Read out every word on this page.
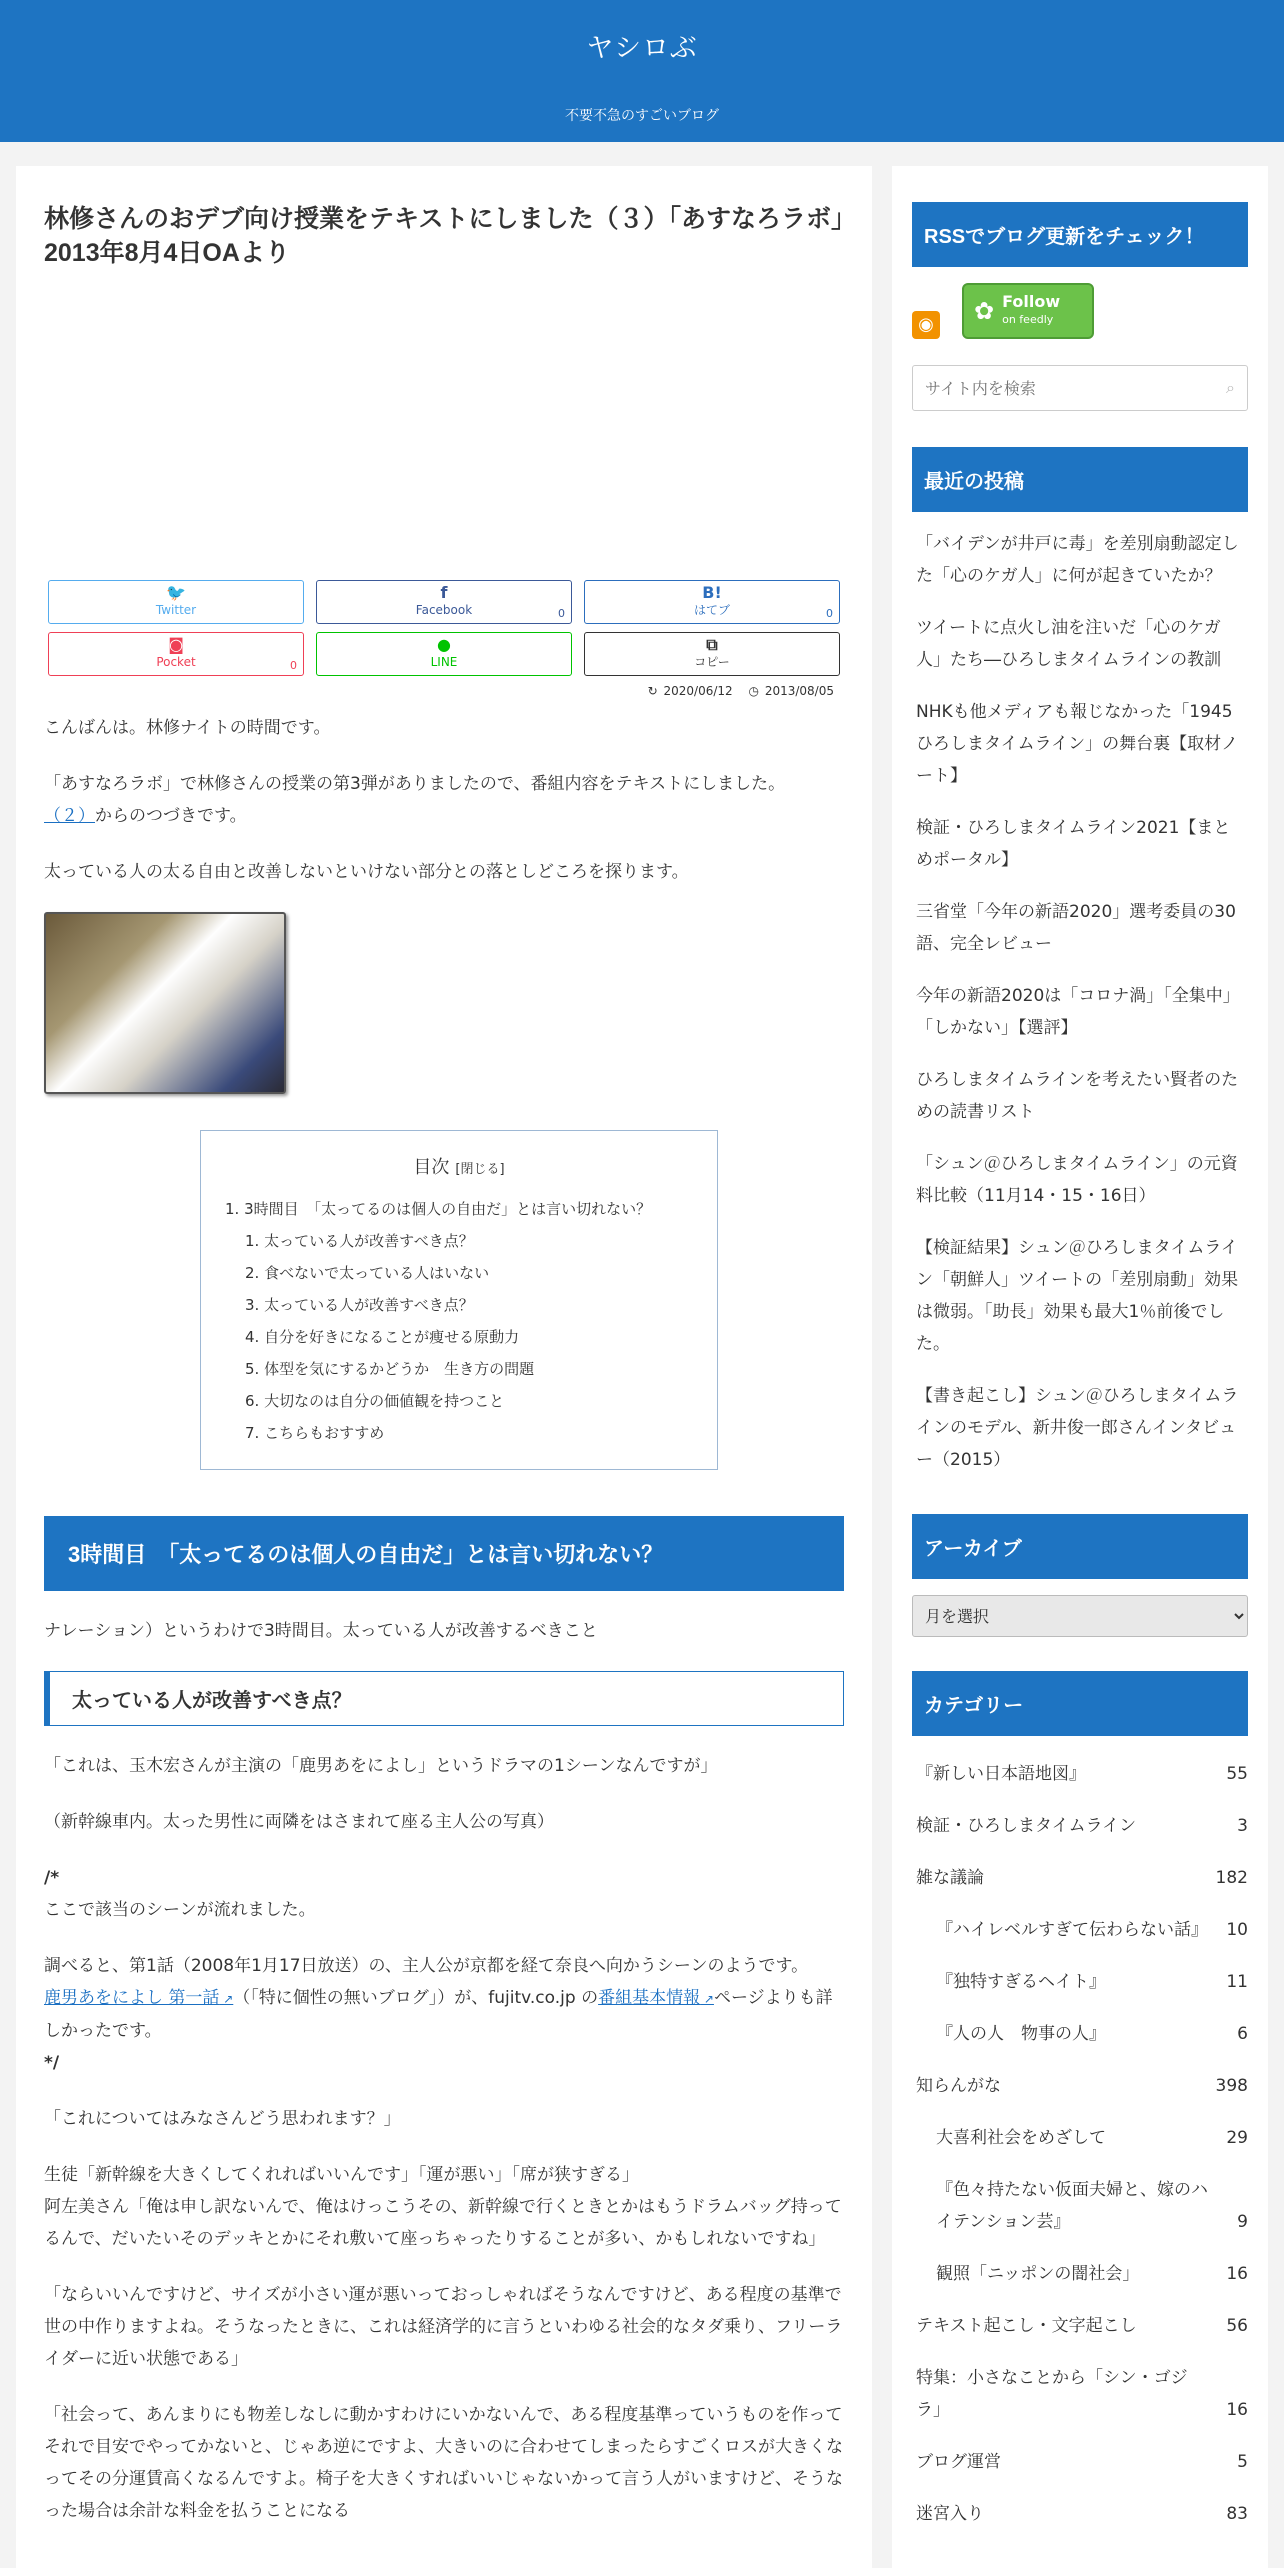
ヤシロぶ
不要不急のすごいブログ
林修さんのおデブ向け授業をテキストにしました（３）「あすなろラボ」2013年8月4日OAより
🐦
Twitter
f
Facebook	0
B!
はてブ	0
◙
Pocket	0
●
LINE
⧉
コピー
↻ 2020/06/12 ◷ 2013/08/05

こんばんは。林修ナイトの時間です。

「あすなろラボ」で林修さんの授業の第3弾がありましたので、番組内容をテキストにしました。
（２）からのつづきです。

太っている人の太る自由と改善しないといけない部分との落としどころを探ります。

目次 [閉じる]
1. 3時間目　「太ってるのは個人の自由だ」とは言い切れない？
1. 太っている人が改善すべき点？
2. 食べないで太っている人はいない
3. 太っている人が改善すべき点？
4. 自分を好きになることが痩せる原動力
5. 体型を気にするかどうか　生き方の問題
6. 大切なのは自分の価値観を持つこと
7. こちらもおすすめ
3時間目　「太ってるのは個人の自由だ」とは言い切れない？

ナレーション）というわけで3時間目。太っている人が改善するべきこと

太っている人が改善すべき点？

「これは、玉木宏さんが主演の「鹿男あをによし」というドラマの1シーンなんですが」

（新幹線車内。太った男性に両隣をはさまれて座る主人公の写真）

/*
ここで該当のシーンが流れました。

調べると、第1話（2008年1月17日放送）の、主人公が京都を経て奈良へ向かうシーンのようです。
鹿男あをによし 第一話 ↗ （「特に個性の無いブログ」）が、fujitv.co.jp の番組基本情報 ↗ ページよりも詳しかったです。

*/

「これについてはみなさんどう思われます？」

生徒「新幹線を大きくしてくれればいいんです」「運が悪い」「席が狭すぎる」
阿左美さん「俺は申し訳ないんで、俺はけっこうその、新幹線で行くときとかはもうドラムバッグ持ってるんで、だいたいそのデッキとかにそれ敷いて座っちゃったりすることが多い、かもしれないですね」

「ならいいんですけど、サイズが小さい運が悪いっておっしゃればそうなんですけど、ある程度の基準で世の中作りますよね。そうなったときに、これは経済学的に言うといわゆる社会的なタダ乗り、フリーライダーに近い状態である」

「社会って、あんまりにも物差しなしに動かすわけにいかないんで、ある程度基準っていうものを作ってそれで目安でやってかないと、じゃあ逆にですよ、大きいのに合わせてしまったらすごくロスが大きくなってその分運賃高くなるんですよ。椅子を大きくすればいいじゃないかって言う人がいますけど、そうなった場合は余計な料金を払うことになる

RSSでブログ更新をチェック！
◉ ✿ Follow
on feedly
サイト内を検索
⌕
最近の投稿
「バイデンが井戸に毒」を差別扇動認定した「心のケガ人」に何が起きていたか？
ツイートに点火し油を注いだ「心のケガ人」たち―ひろしまタイムラインの教訓
NHKも他メディアも報じなかった「1945ひろしまタイムライン」の舞台裏【取材ノート】
検証・ひろしまタイムライン2021【まとめポータル】
三省堂「今年の新語2020」選考委員の30語、完全レビュー
今年の新語2020は「コロナ渦」「全集中」「しかない」【選評】
ひろしまタイムラインを考えたい賢者のための読書リスト
「シュン＠ひろしまタイムライン」の元資料比較（11月14・15・16日）
【検証結果】シュン＠ひろしまタイムライン「朝鮮人」ツイートの「差別扇動」効果は微弱。「助長」効果も最大1％前後でした。
【書き起こし】シュン＠ひろしまタイムラインのモデル、新井俊一郎さんインタビュー（2015）
アーカイブ
月を選択
カテゴリー
『新しい日本語地図』	55
検証・ひろしまタイムライン	3
雑な議論	182
『ハイレベルすぎて伝わらない話』	10
『独特すぎるヘイト』	11
『人の人　物事の人』	6
知らんがな	398
大喜利社会をめざして	29
『色々持たない仮面夫婦と、嫁のハイテンション芸』	9
観照「ニッポンの闇社会」	16
テキスト起こし・文字起こし	56
特集：小さなことから「シン・ゴジラ」	16
ブログ運営	5
迷宮入り	83
